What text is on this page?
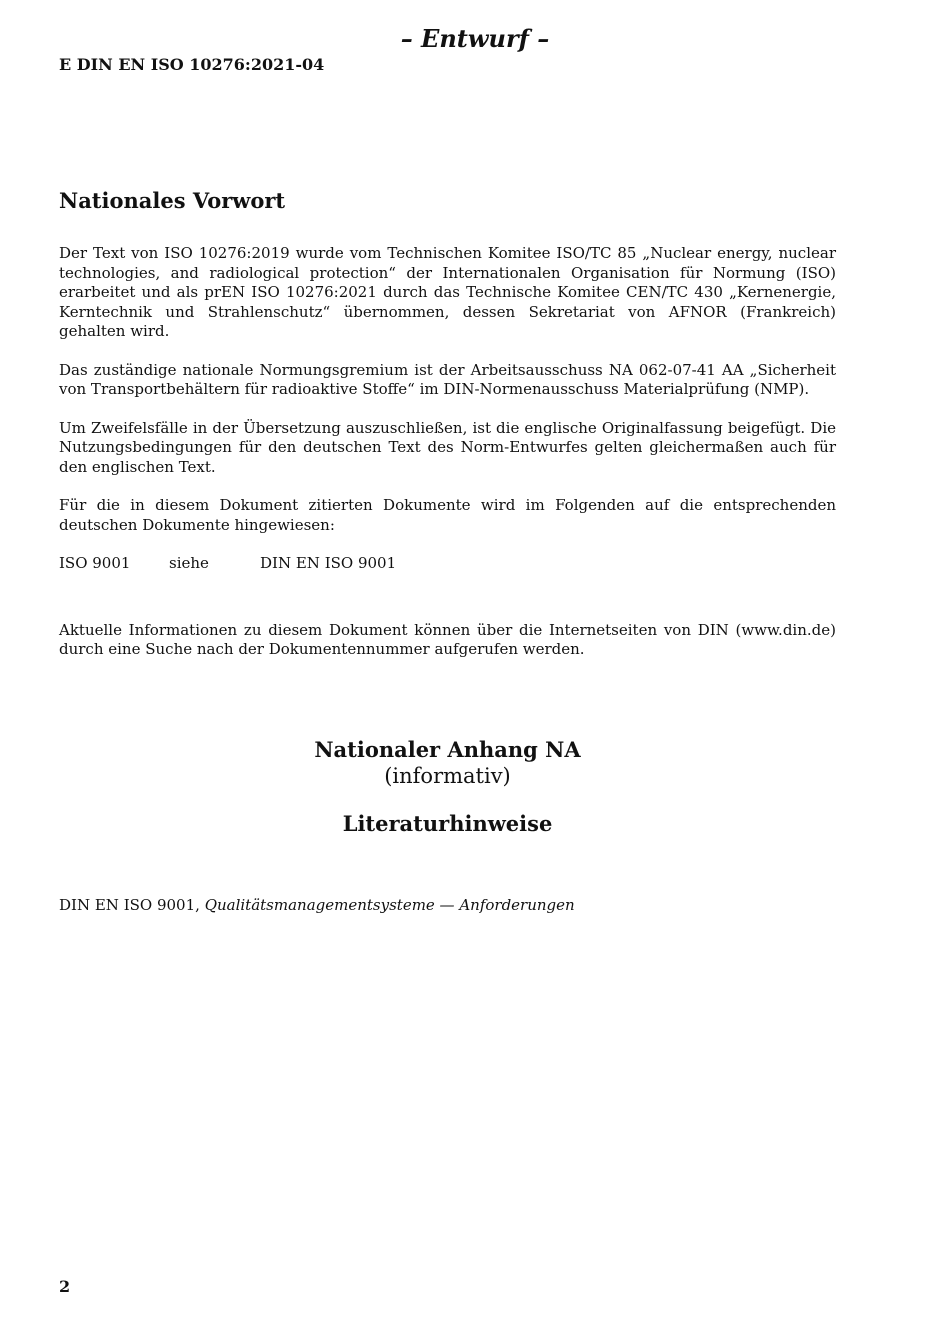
– Entwurf –
E DIN EN ISO 10276:2021-04
Nationales Vorwort

Der Text von ISO 10276:2019 wurde vom Technischen Komitee ISO/TC 85 „Nuclear energy, nuclear technologies, and radiological protection“ der Internationalen Organisation für Normung (ISO) erarbeitet und als prEN ISO 10276:2021 durch das Technische Komitee CEN/TC 430 „Kernenergie, Kerntechnik und Strahlenschutz“ übernommen, dessen Sekretariat von AFNOR (Frankreich) gehalten wird.

Das zuständige nationale Normungsgremium ist der Arbeitsausschuss NA 062-07-41 AA „Sicherheit von Transportbehältern für radioaktive Stoffe“ im DIN-Normenausschuss Materialprüfung (NMP).

Um Zweifelsfälle in der Übersetzung auszuschließen, ist die englische Originalfassung beigefügt. Die Nutzungsbedingungen für den deutschen Text des Norm-Entwurfes gelten gleichermaßen auch für den englischen Text.

Für die in diesem Dokument zitierten Dokumente wird im Folgenden auf die entsprechenden deutschen Dokumente hingewiesen:

ISO 9001	siehe	DIN EN ISO 9001

Aktuelle Informationen zu diesem Dokument können über die Internetseiten von DIN (www.din.de) durch eine Suche nach der Dokumentennummer aufgerufen werden.

Nationaler Anhang NA
(informativ)
Literaturhinweise
DIN EN ISO 9001, Qualitätsmanagementsysteme — Anforderungen
2
